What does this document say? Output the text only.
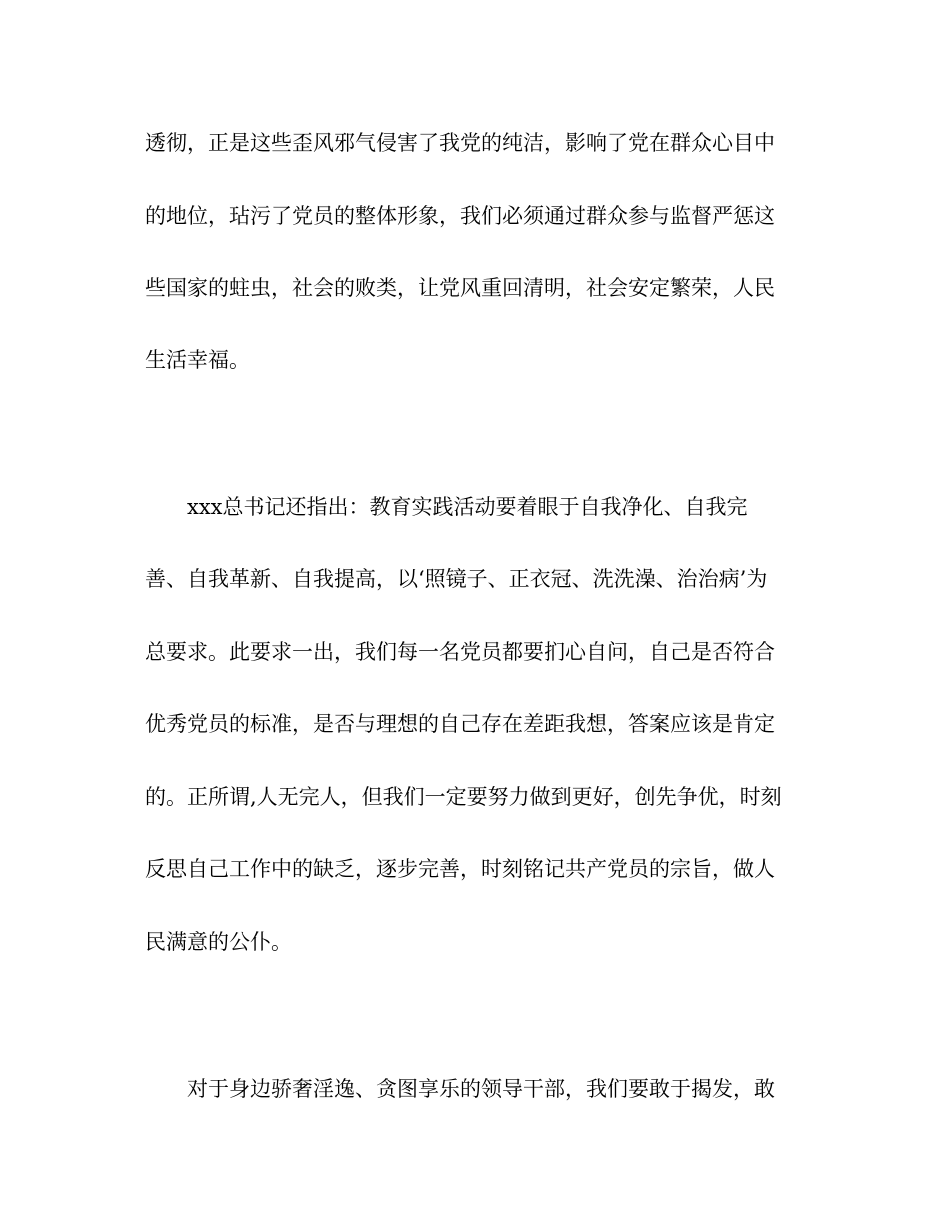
透彻，正是这些歪风邪气侵害了我党的纯洁，影响了党在群众心目中
的地位，玷污了党员的整体形象，我们必须通过群众参与监督严惩这
些国家的蛀虫，社会的败类，让党风重回清明，社会安定繁荣，人民
生活幸福。
xxx总书记还指出：教育实践活动要着眼于自我净化、自我完
善、自我革新、自我提高，以‘照镜子、正衣冠、洗洗澡、治治病’为
总要求。此要求一出，我们每一名党员都要扪心自问，自己是否符合
优秀党员的标准，是否与理想的自己存在差距我想，答案应该是肯定
的。正所谓,人无完人，但我们一定要努力做到更好，创先争优，时刻
反思自己工作中的缺乏，逐步完善，时刻铭记共产党员的宗旨，做人
民满意的公仆。
对于身边骄奢淫逸、贪图享乐的领导干部，我们要敢于揭发，敢
